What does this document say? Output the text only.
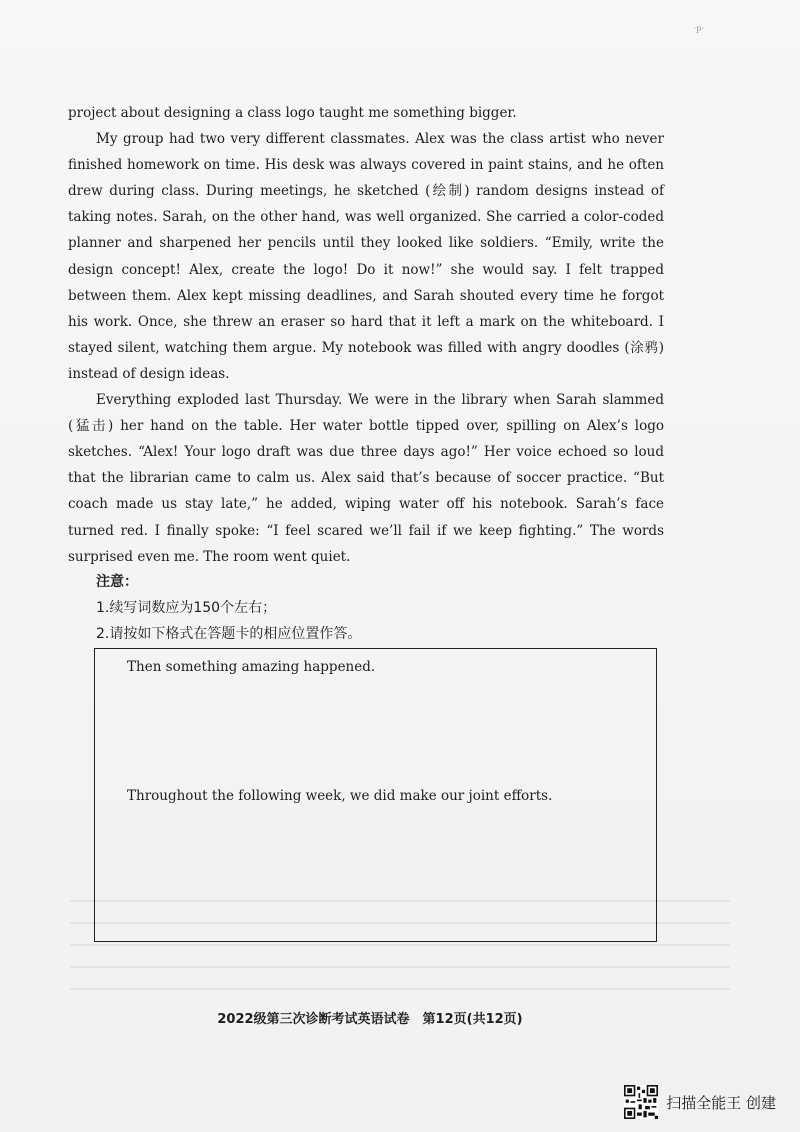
·p·

project about designing a class logo taught me something bigger.

My group had two very different classmates. Alex was the class artist who never finished homework on time. His desk was always covered in paint stains, and he often drew during class. During meetings, he sketched (绘制) random designs instead of taking notes. Sarah, on the other hand, was well organized. She carried a color-coded planner and sharpened her pencils until they looked like soldiers. “Emily, write the design concept! Alex, create the logo! Do it now!” she would say. I felt trapped between them. Alex kept missing deadlines, and Sarah shouted every time he forgot his work. Once, she threw an eraser so hard that it left a mark on the whiteboard. I stayed silent, watching them argue. My notebook was filled with angry doodles (涂鸦) instead of design ideas.

Everything exploded last Thursday. We were in the library when Sarah slammed (猛击) her hand on the table. Her water bottle tipped over, spilling on Alex’s logo sketches. “Alex! Your logo draft was due three days ago!” Her voice echoed so loud that the librarian came to calm us. Alex said that’s because of soccer practice. “But coach made us stay late,” he added, wiping water off his notebook. Sarah’s face turned red. I finally spoke: “I feel scared we’ll fail if we keep fighting.” The words surprised even me. The room went quiet.

注意：
1.续写词数应为150个左右；
2.请按如下格式在答题卡的相应位置作答。
Then something amazing happened.
Throughout the following week, we did make our joint efforts.
2022级第三次诊断考试英语试卷　第12页(共12页)
扫描全能王 创建
